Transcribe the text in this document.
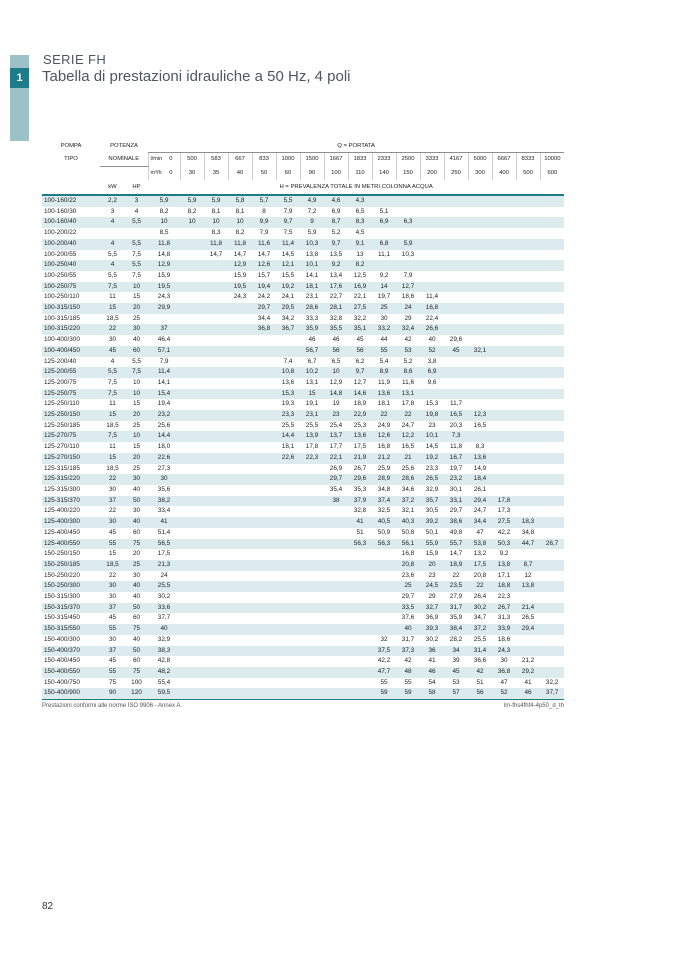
1
SERIE FH
Tabella di prestazioni idrauliche a 50 Hz, 4 poli
POMPA	POTENZA		Q = PORTATA																
TIPO	NOMINALE		l/min 0	500	583	667	833	1000	1500	1667	1833	2333	2500	3333	4167	5000	6667	8333	10000

			m³/h 0	30	35	40	50	60	90	100	110	140	150	200	250	300	400	500	600
	kW	HP	H = PREVALENZA TOTALE IN METRI COLONNA ACQUA																
100-160/22	2,2	3	5,9	5,9	5,9	5,8	5,7	5,5	4,9	4,6	4,3								
100-160/30	3	4	8,2	8,2	8,1	8,1	8	7,9	7,2	6,9	6,5	5,1							
100-160/40	4	5,5	10	10	10	10	9,9	9,7	9	8,7	8,3	6,9	6,3						
100-200/22			8,5		8,3	8,2	7,9	7,5	5,9	5,2	4,5								
100-200/40	4	5,5	11,8		11,8	11,8	11,6	11,4	10,3	9,7	9,1	6,8	5,9						
100-200/55	5,5	7,5	14,8		14,7	14,7	14,7	14,5	13,8	13,5	13	11,1	10,3						
100-250/40	4	5,5	12,9			12,9	12,6	12,1	10,1	9,2	8,2								
100-250/55	5,5	7,5	15,9			15,9	15,7	15,5	14,1	13,4	12,5	9,2	7,9						
100-250/75	7,5	10	19,5			19,5	19,4	19,2	18,1	17,6	16,9	14	12,7						
100-250/110	11	15	24,3			24,3	24,2	24,1	23,1	22,7	22,1	19,7	18,6	11,4					
100-315/150	15	20	29,9				29,7	29,5	28,6	28,1	27,5	25	24	16,8					
100-315/185	18,5	25					34,4	34,2	33,3	32,8	32,2	30	29	22,4					
100-315/220	22	30	37				36,8	36,7	35,9	35,5	35,1	33,2	32,4	26,6					
100-400/300	30	40	46,4						46	46	45	44	42	40	29,6				
100-400/450	45	60	57,1						56,7	56	56	55	53	52	45	32,1			
125-200/40	4	5,5	7,9					7,4	6,7	6,5	6,2	5,4	5,2	3,8					
125-200/55	5,5	7,5	11,4					10,8	10,2	10	9,7	8,9	8,6	6,9					
125-200/75	7,5	10	14,1					13,6	13,1	12,9	12,7	11,9	11,6	9,6					
125-250/75	7,5	10	15,4					15,3	15	14,8	14,6	13,6	13,1						
125-250/110	11	15	19,4					19,3	19,1	19	18,9	18,1	17,8	15,3	11,7				
125-250/150	15	20	23,2					23,3	23,1	23	22,9	22	22	19,8	16,5	12,3			
125-250/185	18,5	25	25,6					25,5	25,5	25,4	25,3	24,9	24,7	23	20,3	16,5			
125-270/75	7,5	10	14,4					14,4	13,9	13,7	13,6	12,6	12,2	10,1	7,3				
125-270/110	11	15	18,0					18,1	17,8	17,7	17,5	16,8	16,5	14,5	11,8	8,3			
125-270/150	15	20	22,6					22,6	22,3	22,1	21,9	21,2	21	19,2	16,7	13,6			
125-315/185	18,5	25	27,3							26,9	26,7	25,9	25,6	23,3	19,7	14,9			
125-315/220	22	30	30							29,7	29,6	28,9	28,6	26,5	23,2	18,4			
125-315/300	30	40	35,6							35,4	35,3	34,8	34,6	32,9	30,1	26,1			
125-315/370	37	50	38,2							38	37,9	37,4	37,2	35,7	33,1	29,4	17,8		
125-400/220	22	30	33,4								32,8	32,5	32,1	30,5	29,7	24,7	17,3		
125-400/300	30	40	41								41	40,5	40,3	39,2	38,6	34,4	27,5	18,3	
125-400/450	45	60	51,4								51	50,9	50,8	50,1	49,8	47	42,2	34,8	
125-400/550	55	75	56,5								56,3	56,3	56,1	55,9	55,7	53,8	50,3	44,7	26,7
150-250/150	15	20	17,5										16,8	15,9	14,7	13,2	9,2		
150-250/185	18,5	25	21,3										20,8	20	18,9	17,5	13,8	8,7	
150-250/220	22	30	24										23,6	23	22	20,8	17,1	12	
150-250/300	30	40	25,5										25	24,5	23,5	22	18,8	13,8	
150-315/300	30	40	30,2										29,7	29	27,9	26,4	22,3		
150-315/370	37	50	33,6										33,5	32,7	31,7	30,2	26,7	21,4	
150-315/450	45	60	37,7										37,6	36,9	35,9	34,7	31,3	26,5	
150-315/550	55	75	40										40	39,3	38,4	37,2	33,9	29,4	
150-400/300	30	40	32,9									32	31,7	30,2	28,2	25,5	18,6		
150-400/370	37	50	38,3									37,5	37,3	36	34	31,4	24,3		
150-400/450	45	60	42,8									42,2	42	41	39	36,6	30	21,2	
150-400/550	55	75	48,2									47,7	48	46	45	42	36,8	29,2	
150-400/750	75	100	55,4									55	55	54	53	51	47	41	32,2
150-400/900	90	120	59,5									59	59	58	57	56	52	46	37,7
Prestazioni conformi alle norme ISO 9906 - Annex A.	lm-fhs4fhf4-4p50_d_th
82
